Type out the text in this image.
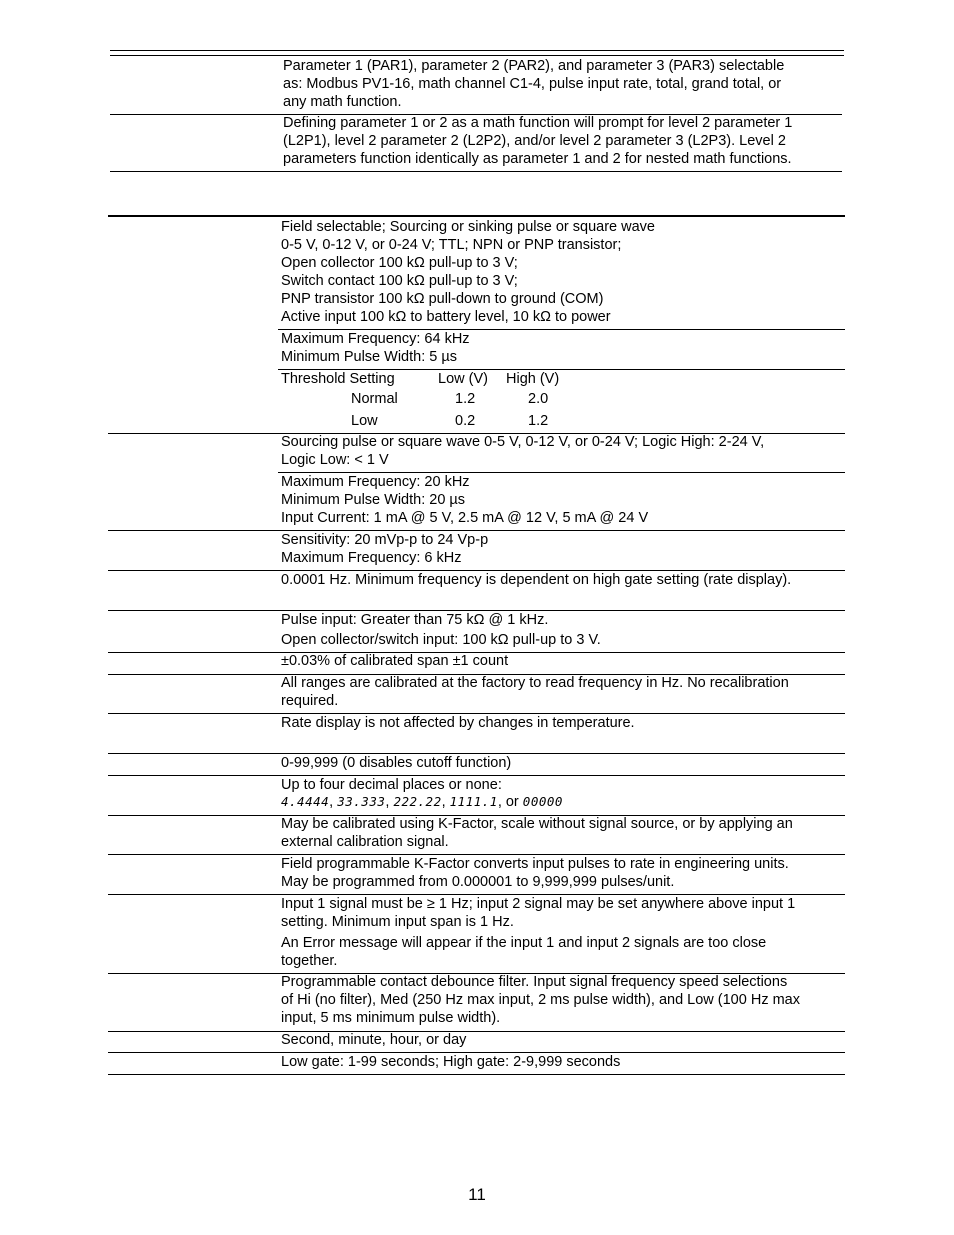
Parameter 1 (PAR1), parameter 2 (PAR2), and parameter 3 (PAR3) selectable
as: Modbus PV1-16, math channel C1-4, pulse input rate, total, grand total, or
any math function.
Defining parameter 1 or 2 as a math function will prompt for level 2 parameter 1
(L2P1), level 2 parameter 2 (L2P2), and/or level 2 parameter 3 (L2P3). Level 2
parameters function identically as parameter 1 and 2 for nested math functions.
Field selectable; Sourcing or sinking pulse or square wave
0-5 V, 0-12 V, or 0-24 V; TTL; NPN or PNP transistor;
Open collector 100 kΩ pull-up to 3 V;
Switch contact 100 kΩ pull-up to 3 V;
PNP transistor 100 kΩ pull-down to ground (COM)
Active input 100 kΩ to battery level, 10 kΩ to power
Maximum Frequency: 64 kHz
Minimum Pulse Width: 5 µs
Threshold Setting	Low (V) High (V)
Normal	1.2	2.0
Low	0.2	1.2
Sourcing pulse or square wave 0-5 V, 0-12 V, or 0-24 V; Logic High: 2-24 V,
Logic Low: < 1 V
Maximum Frequency: 20 kHz
Minimum Pulse Width: 20 µs
Input Current: 1 mA @ 5 V, 2.5 mA @ 12 V, 5 mA @ 24 V
Sensitivity: 20 mVp-p to 24 Vp-p
Maximum Frequency: 6 kHz
0.0001 Hz. Minimum frequency is dependent on high gate setting (rate display).
Pulse input: Greater than 75 kΩ @ 1 kHz.
Open collector/switch input: 100 kΩ pull-up to 3 V.
±0.03% of calibrated span ±1 count
All ranges are calibrated at the factory to read frequency in Hz. No recalibration
required.
Rate display is not affected by changes in temperature.
0-99,999 (0 disables cutoff function)
Up to four decimal places or none:
4.4444, 33.333, 222.22, 1111.1, or 00000
May be calibrated using K-Factor, scale without signal source, or by applying an
external calibration signal.
Field programmable K-Factor converts input pulses to rate in engineering units.
May be programmed from 0.000001 to 9,999,999 pulses/unit.
Input 1 signal must be ≥ 1 Hz; input 2 signal may be set anywhere above input 1
setting. Minimum input span is 1 Hz.
An Error message will appear if the input 1 and input 2 signals are too close
together.
Programmable contact debounce filter. Input signal frequency speed selections
of Hi (no filter), Med (250 Hz max input, 2 ms pulse width), and Low (100 Hz max
input, 5 ms minimum pulse width).
Second, minute, hour, or day
Low gate: 1-99 seconds; High gate: 2-9,999 seconds
11
